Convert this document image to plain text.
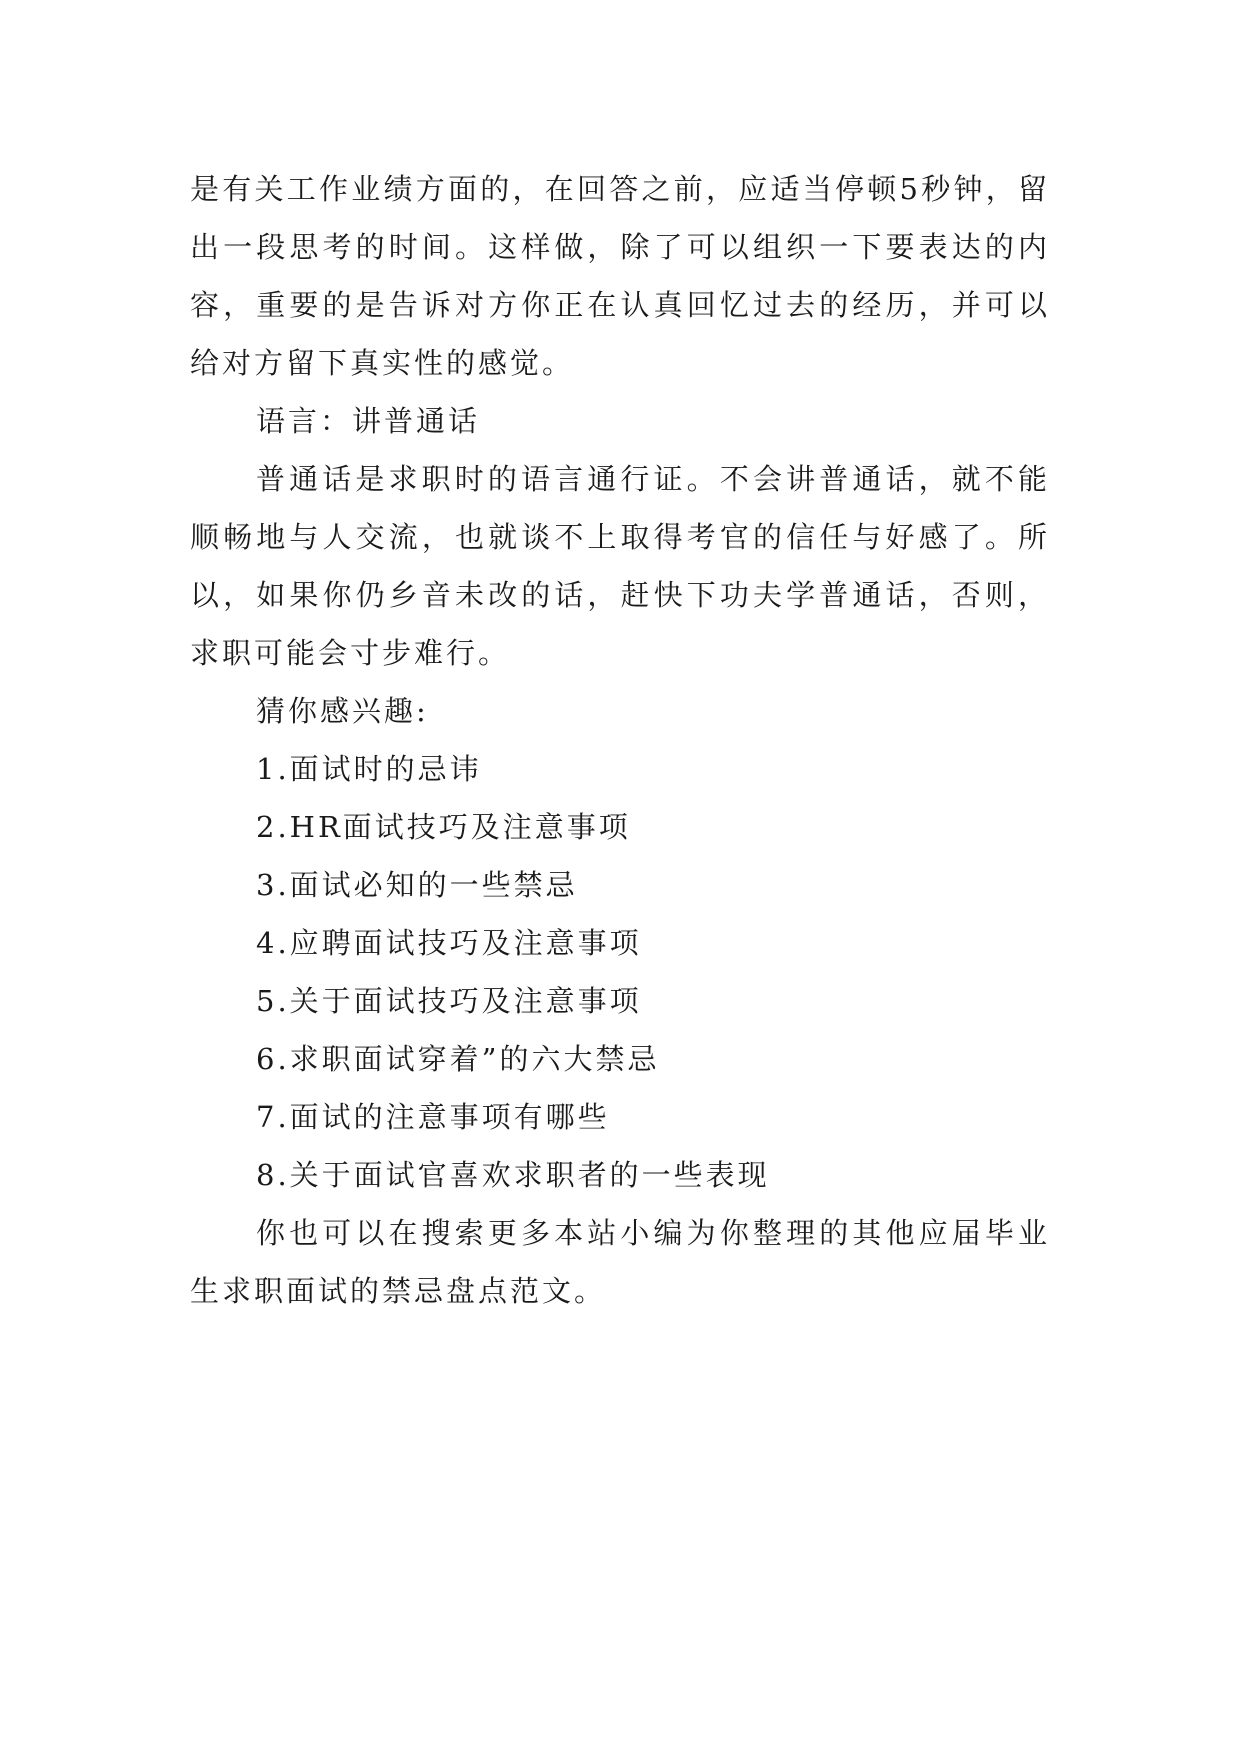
是有关工作业绩方面的，在回答之前，应适当停顿5秒钟，留出一段思考的时间。这样做，除了可以组织一下要表达的内容，重要的是告诉对方你正在认真回忆过去的经历，并可以给对方留下真实性的感觉。

语言：讲普通话

普通话是求职时的语言通行证。不会讲普通话，就不能顺畅地与人交流，也就谈不上取得考官的信任与好感了。所以，如果你仍乡音未改的话，赶快下功夫学普通话，否则，求职可能会寸步难行。

猜你感兴趣:

1.面试时的忌讳

2.HR面试技巧及注意事项

3.面试必知的一些禁忌

4.应聘面试技巧及注意事项

5.关于面试技巧及注意事项

6.求职面试穿着”的六大禁忌

7.面试的注意事项有哪些

8.关于面试官喜欢求职者的一些表现

你也可以在搜索更多本站小编为你整理的其他应届毕业生求职面试的禁忌盘点范文。
